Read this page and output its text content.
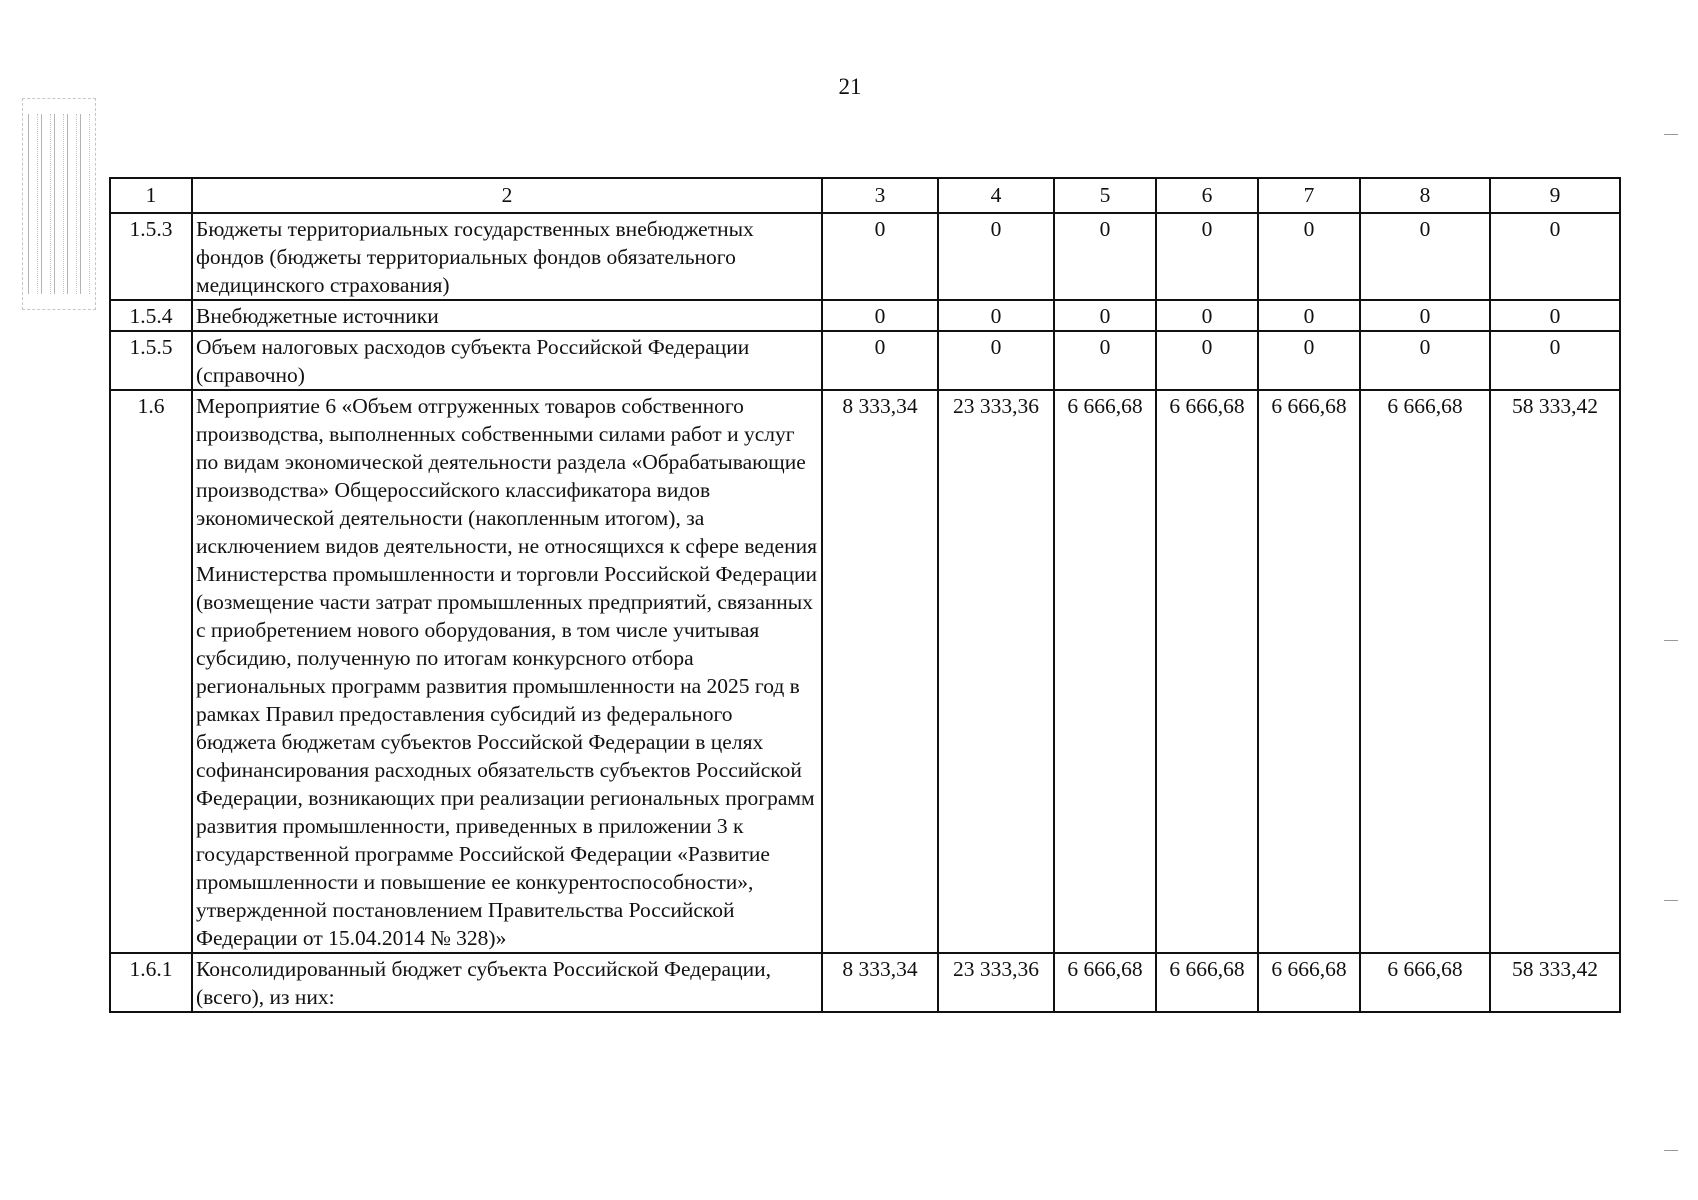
21
1	2	3	4	5	6	7	8	9
1.5.3	Бюджеты территориальных государственных внебюджетных фондов (бюджеты территориальных фондов обязательного медицинского страхования)	0	0	0	0	0	0	0
1.5.4	Внебюджетные источники	0	0	0	0	0	0	0
1.5.5	Объем налоговых расходов субъекта Российской Федерации (справочно)	0	0	0	0	0	0	0
1.6	Мероприятие 6 «Объем отгруженных товаров собственного производства, выполненных собственными силами работ и услуг по видам экономической деятельности раздела «Обрабатывающие производства» Общероссийского классификатора видов экономической деятельности (накопленным итогом), за исключением видов деятельности, не относящихся к сфере ведения Министерства промышленности и торговли Российской Федерации (возмещение части затрат промышленных предприятий, связанных с приобретением нового оборудования, в том числе учитывая субсидию, полученную по итогам конкурсного отбора региональных программ развития промышленности на 2025 год в рамках Правил предоставления субсидий из федерального бюджета бюджетам субъектов Российской Федерации в целях софинансирования расходных обязательств субъектов Российской Федерации, возникающих при реализации региональных программ развития промышленности, приведенных в приложении 3 к государственной программе Российской Федерации «Развитие промышленности и повышение ее конкурентоспособности», утвержденной постановлением Правительства Российской Федерации от 15.04.2014 № 328)»	8 333,34	23 333,36	6 666,68	6 666,68	6 666,68	6 666,68	58 333,42
1.6.1	Консолидированный бюджет субъекта Российской Федерации, (всего), из них:	8 333,34	23 333,36	6 666,68	6 666,68	6 666,68	6 666,68	58 333,42
